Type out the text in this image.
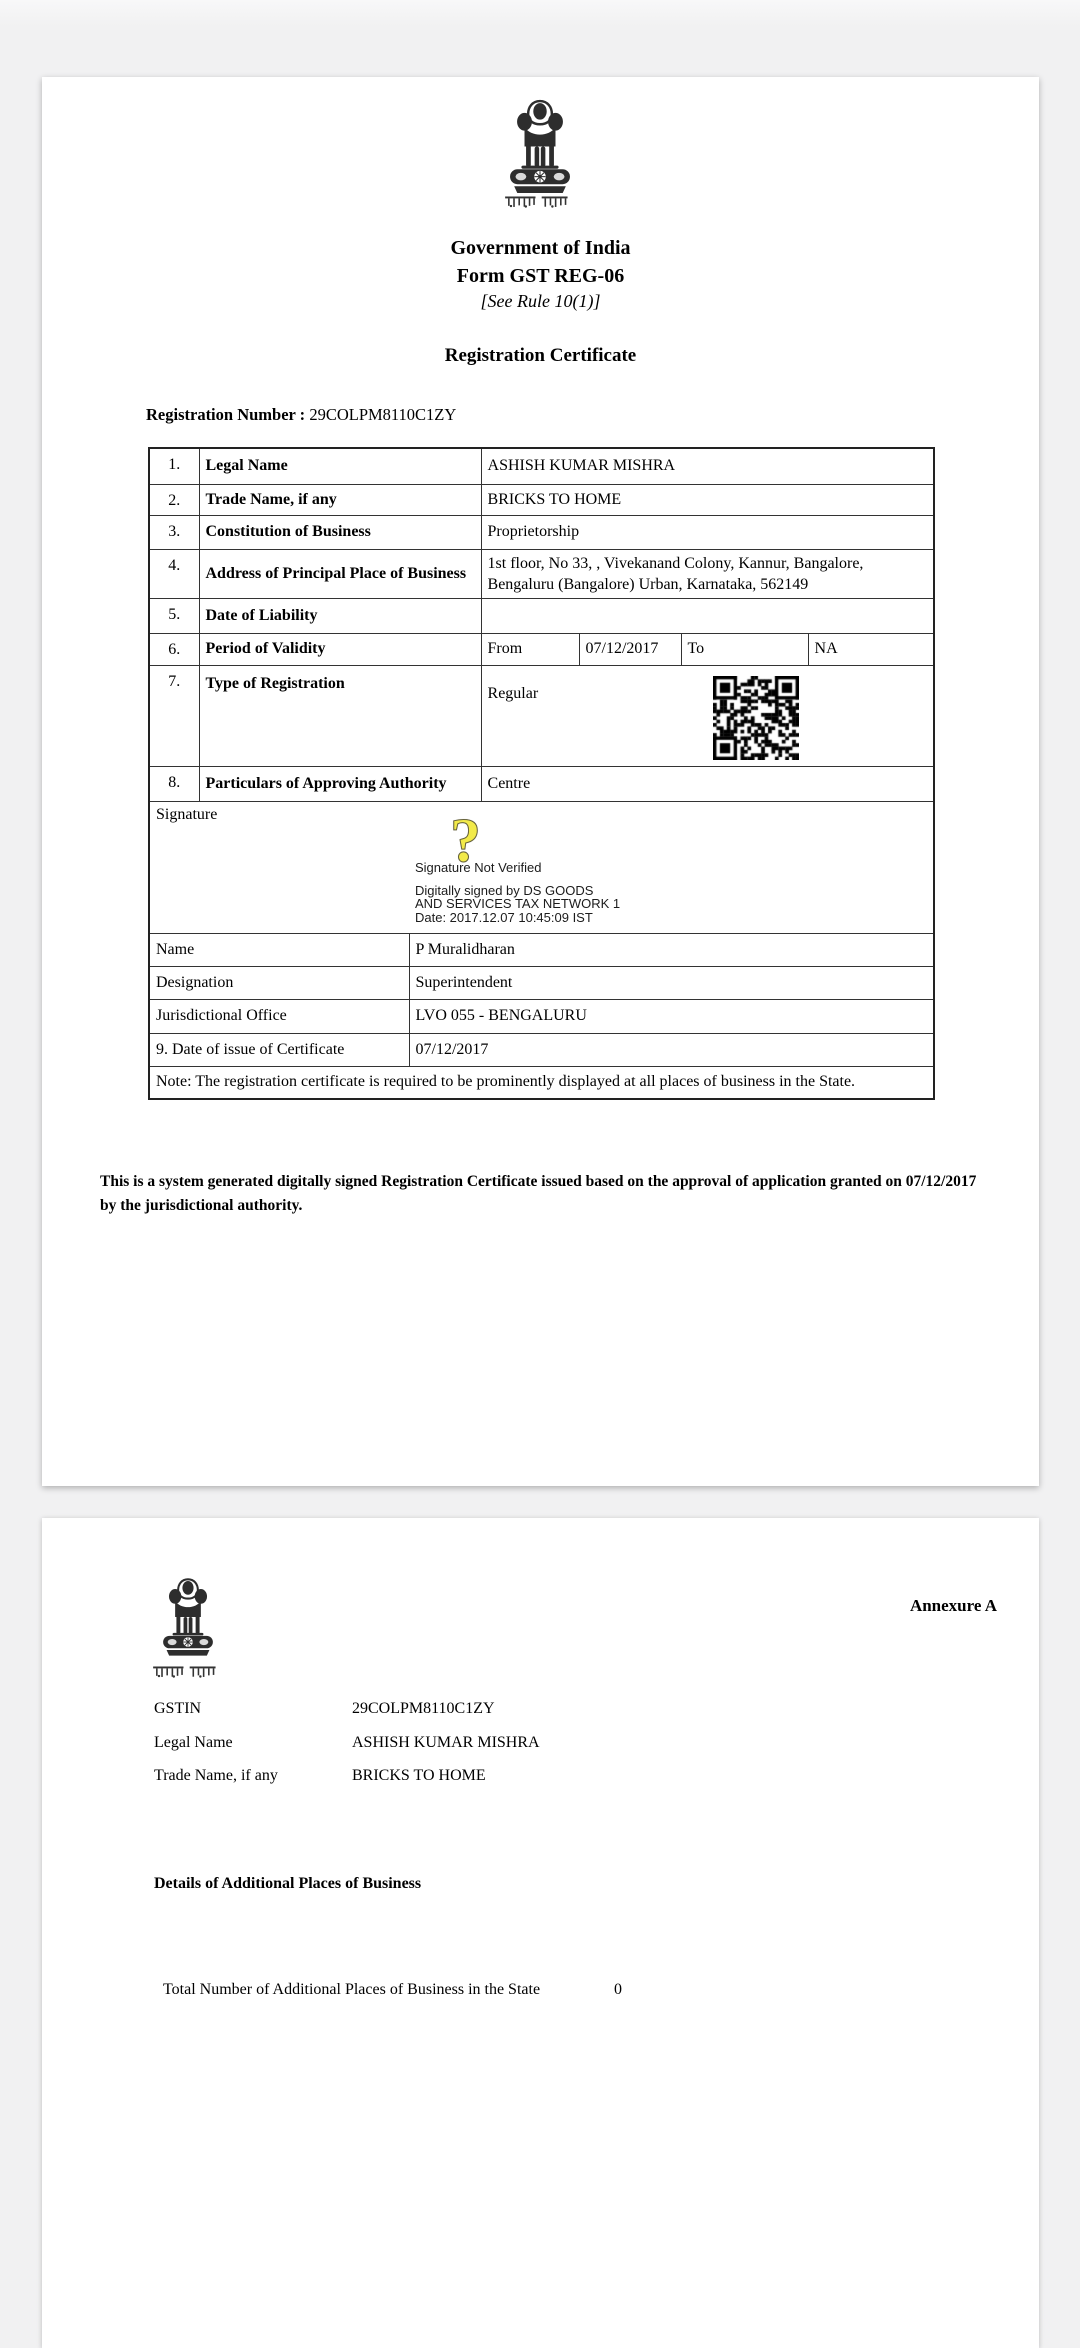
Government of India
Form GST REG-06
[See Rule 10(1)]
Registration Certificate
Registration Number : 29COLPM8110C1ZY
1.	Legal Name		ASHISH KUMAR MISHRA			
2.	Trade Name, if any		BRICKS TO HOME			
3.	Constitution of Business		Proprietorship			
4.	Address of Principal Place of Business		1st floor, No 33, , Vivekanand Colony, Kannur, Bangalore, Bengaluru (Bangalore) Urban, Karnataka, 562149			
5.	Date of Liability					
6.	Period of Validity		From	07/12/2017	To	NA
7.	Type of Registration		Regular			
8.	Particulars of Approving Authority		Centre			
Signature	?
Signature Not Verified
Digitally signed by DS GOODS
AND SERVICES TAX NETWORK 1
Date: 2017.12.07 10:45:09 IST

Name		P Muralidharan				
Designation		Superintendent				
Jurisdictional Office		LVO 055 - BENGALURU				
9. Date of issue of Certificate		07/12/2017				
Note: The registration certificate is required to be prominently displayed at all places of business in the State.						
This is a system generated digitally signed Registration Certificate issued based on the approval of application granted on 07/12/2017
by the jurisdictional authority.
Annexure A
GSTIN	29COLPM8110C1ZY
Legal Name	ASHISH KUMAR MISHRA
Trade Name, if any	BRICKS TO HOME
Details of Additional Places of Business
Total Number of Additional Places of Business in the State	0
